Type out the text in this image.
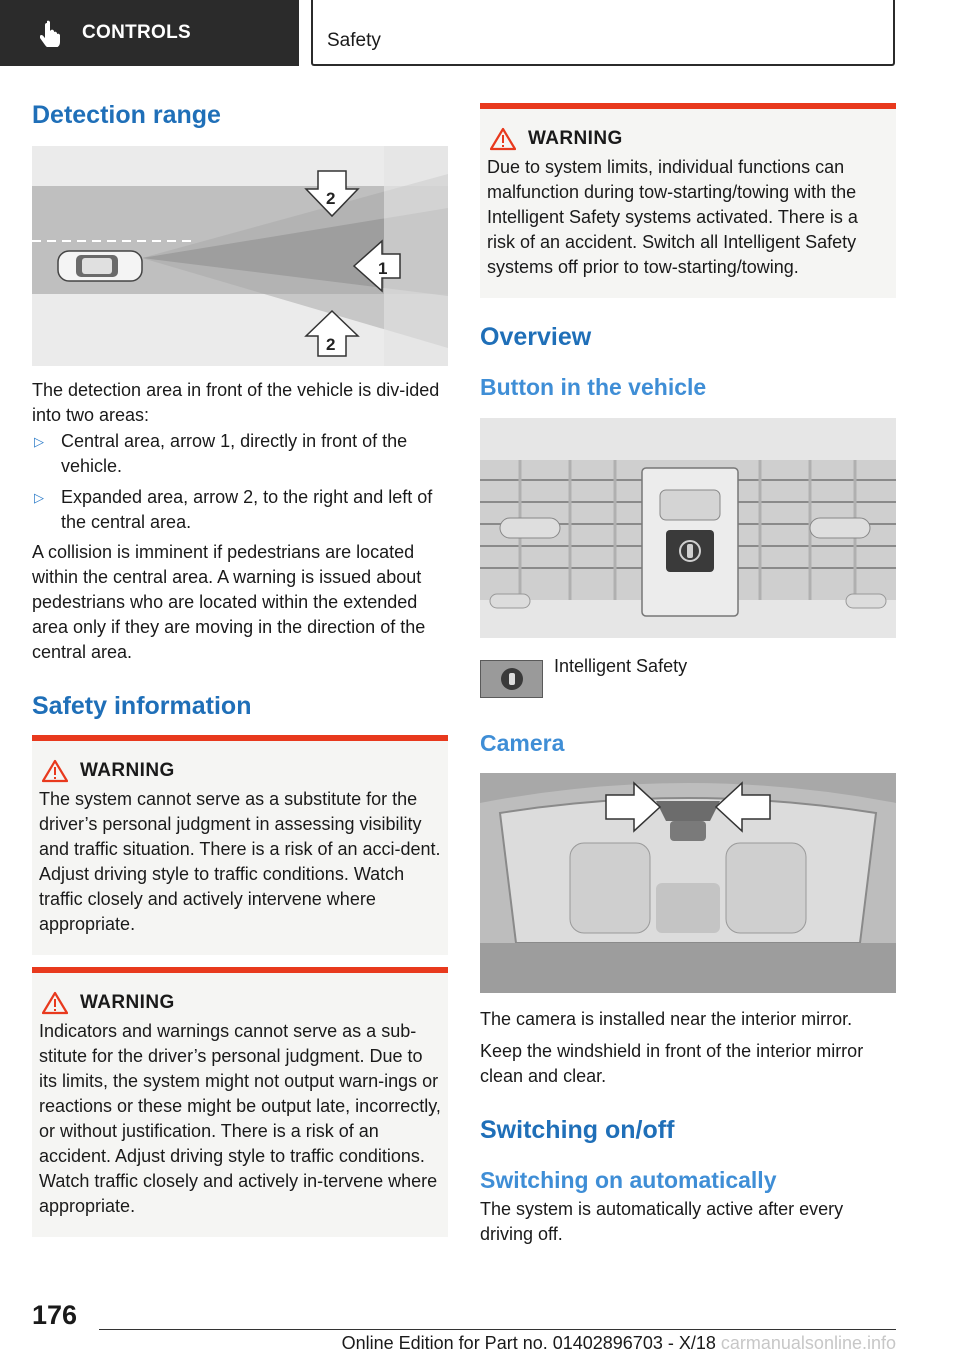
CONTROLS	Safety
Detection range
1
2
2

The detection area in front of the vehicle is div‐ided into two areas:

▷ Central area, arrow 1, directly in front of the vehicle.
▷ Expanded area, arrow 2, to the right and left of the central area.

A collision is imminent if pedestrians are located within the central area. A warning is issued about pedestrians who are located within the extended area only if they are moving in the direction of the central area.

Safety information
WARNING

The system cannot serve as a substitute for the driver’s personal judgment in assessing visibility and traffic situation. There is a risk of an acci‐dent. Adjust driving style to traffic conditions. Watch traffic closely and actively intervene where appropriate.

WARNING

Indicators and warnings cannot serve as a sub‐stitute for the driver’s personal judgment. Due to its limits, the system might not output warn‐ings or reactions or these might be output late, incorrectly, or without justification. There is a risk of an accident. Adjust driving style to traffic conditions. Watch traffic closely and actively in‐tervene where appropriate.

WARNING

Due to system limits, individual functions can malfunction during tow-starting/towing with the Intelligent Safety systems activated. There is a risk of an accident. Switch all Intelligent Safety systems off prior to tow-starting/towing.

Overview
Button in the vehicle

Intelligent Safety

Camera

The camera is installed near the interior mirror.

Keep the windshield in front of the interior mirror clean and clear.

Switching on/off
Switching on automatically

The system is automatically active after every driving off.

176
Online Edition for Part no. 01402896703 - X/18 carmanualsonline.info
